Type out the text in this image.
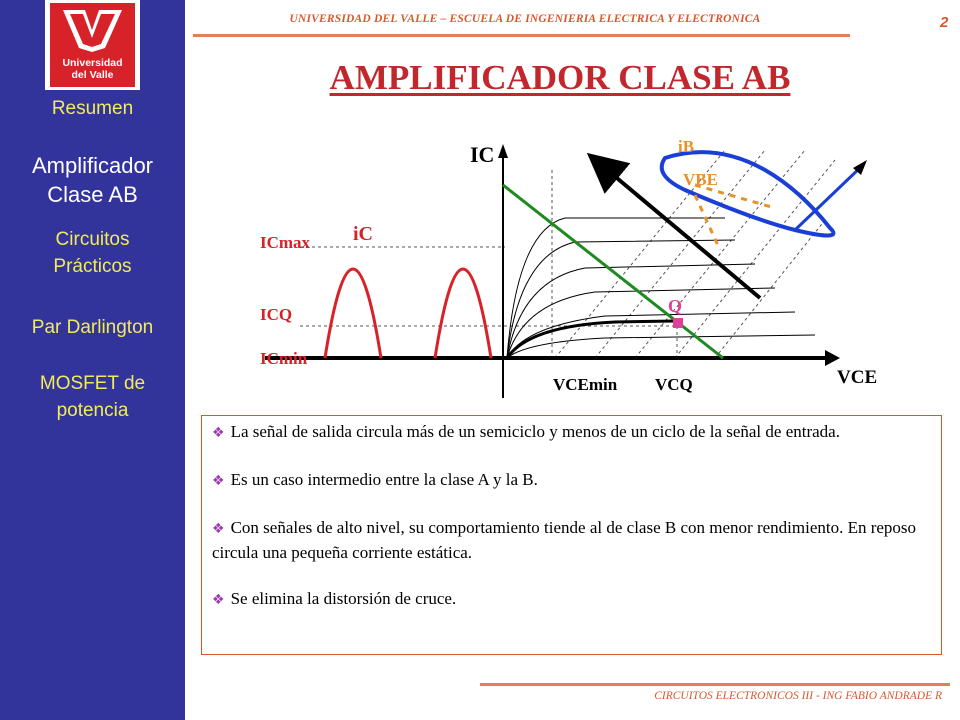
Universidad
del Valle
Resumen
Amplificador
Clase AB
Circuitos
Prácticos
Par Darlington
MOSFET de
potencia
UNIVERSIDAD DEL VALLE – ESCUELA DE INGENIERIA ELECTRICA Y ELECTRONICA	2
AMPLIFICADOR CLASE AB
IC
iC
ICmax
ICQ
ICmin
VCEmin VCQ	VCE
iB
VBE
Q
❖ La señal de salida circula más de un semiciclo y menos de un ciclo de la señal de entrada.
❖ Es un caso intermedio entre la clase A y la B.
❖ Con señales de alto nivel, su comportamiento tiende al de clase B con menor rendimiento. En reposo circula una pequeña corriente estática.
❖ Se elimina la distorsión de cruce.
CIRCUITOS ELECTRONICOS III - ING FABIO ANDRADE R
